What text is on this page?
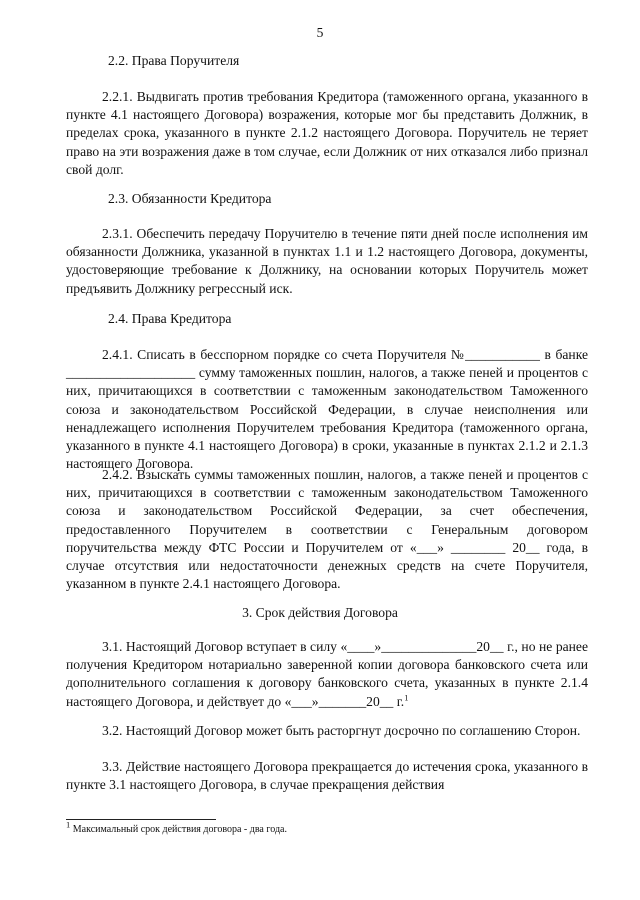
5
2.2. Права Поручителя
2.2.1. Выдвигать против требования Кредитора (таможенного органа, указанного в пункте 4.1 настоящего Договора) возражения, которые мог бы представить Должник, в пределах срока, указанного в пункте 2.1.2 настоящего Договора. Поручитель не теряет право на эти возражения даже в том случае, если Должник от них отказался либо признал свой долг.
2.3. Обязанности Кредитора
2.3.1. Обеспечить передачу Поручителю в течение пяти дней после исполнения им обязанности Должника, указанной в пунктах 1.1 и 1.2 настоящего Договора, документы, удостоверяющие требование к Должнику, на основании которых Поручитель может предъявить Должнику регрессный иск.
2.4. Права Кредитора
2.4.1. Списать в бесспорном порядке со счета Поручителя №___________ в банке ___________________ сумму таможенных пошлин, налогов, а также пеней и процентов с них, причитающихся в соответствии с таможенным законодательством Таможенного союза и законодательством Российской Федерации, в случае неисполнения или ненадлежащего исполнения Поручителем требования Кредитора (таможенного органа, указанного в пункте 4.1 настоящего Договора) в сроки, указанные в пунктах 2.1.2 и 2.1.3 настоящего Договора.
2.4.2. Взыскать суммы таможенных пошлин, налогов, а также пеней и процентов с них, причитающихся в соответствии с таможенным законодательством Таможенного союза и законодательством Российской Федерации, за счет обеспечения, предоставленного Поручителем в соответствии с Генеральным договором поручительства между ФТС России и Поручителем от «___» ________ 20__ года, в случае отсутствия или недостаточности денежных средств на счете Поручителя, указанном в пункте 2.4.1 настоящего Договора.
3. Срок действия Договора
3.1. Настоящий Договор вступает в силу «____»______________20__ г., но не ранее получения Кредитором нотариально заверенной копии договора банковского счета или дополнительного соглашения к договору банковского счета, указанных в пункте 2.1.4 настоящего Договора, и действует до «___»_______20__ г.$^1$
3.2. Настоящий Договор может быть расторгнут досрочно по соглашению Сторон.
3.3. Действие настоящего Договора прекращается до истечения срока, указанного в пункте 3.1 настоящего Договора, в случае прекращения действия
$^1$ Максимальный срок действия договора - два года.
